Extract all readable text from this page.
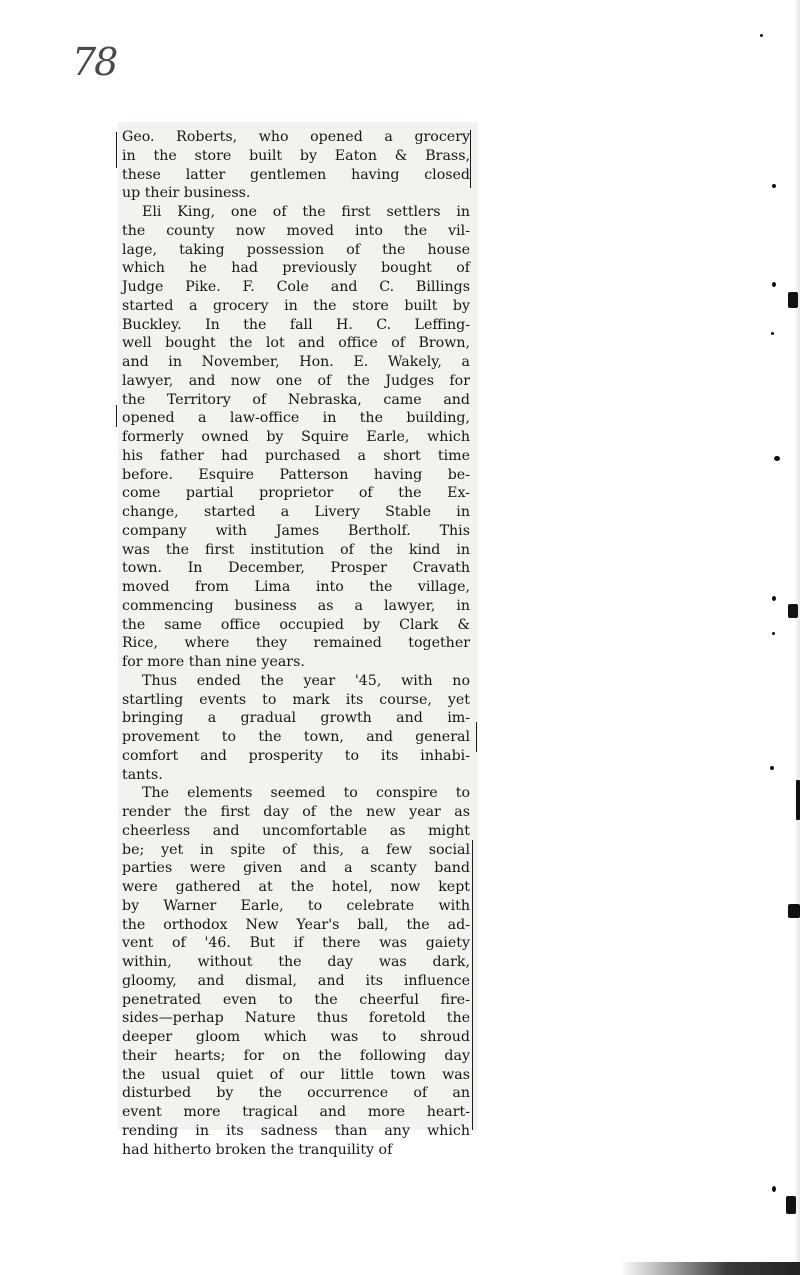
78
Geo. Roberts, who opened a grocery
in the store built by Eaton & Brass,
these latter gentlemen having closed
up their business.
Eli King, one of the first settlers in
the county now moved into the vil-
lage, taking possession of the house
which he had previously bought of
Judge Pike. F. Cole and C. Billings
started a grocery in the store built by
Buckley. In the fall H. C. Leffing-
well bought the lot and office of Brown,
and in November, Hon. E. Wakely, a
lawyer, and now one of the Judges for
the Territory of Nebraska, came and
opened a law-office in the building,
formerly owned by Squire Earle, which
his father had purchased a short time
before. Esquire Patterson having be-
come partial proprietor of the Ex-
change, started a Livery Stable in
company with James Bertholf. This
was the first institution of the kind in
town. In December, Prosper Cravath
moved from Lima into the village,
commencing business as a lawyer, in
the same office occupied by Clark &
Rice, where they remained together
for more than nine years.
Thus ended the year '45, with no
startling events to mark its course, yet
bringing a gradual growth and im-
provement to the town, and general
comfort and prosperity to its inhabi-
tants.
The elements seemed to conspire to
render the first day of the new year as
cheerless and uncomfortable as might
be; yet in spite of this, a few social
parties were given and a scanty band
were gathered at the hotel, now kept
by Warner Earle, to celebrate with
the orthodox New Year's ball, the ad-
vent of '46. But if there was gaiety
within, without the day was dark,
gloomy, and dismal, and its influence
penetrated even to the cheerful fire-
sides—perhap Nature thus foretold the
deeper gloom which was to shroud
their hearts; for on the following day
the usual quiet of our little town was
disturbed by the occurrence of an
event more tragical and more heart-
rending in its sadness than any which
had hitherto broken the tranquility of
